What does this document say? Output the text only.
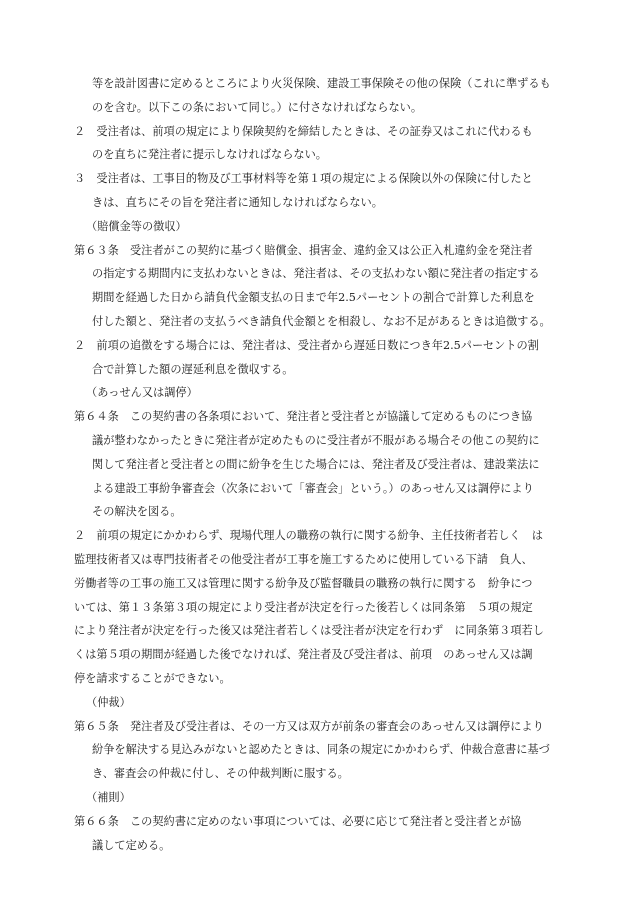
等を設計図書に定めるところにより火災保険、建設工事保険その他の保険（これに準ずるも
のを含む。以下この条において同じ。）に付さなければならない。
２　受注者は、前項の規定により保険契約を締結したときは、その証券又はこれに代わるも
のを直ちに発注者に提示しなければならない。
３　受注者は、工事目的物及び工事材料等を第１項の規定による保険以外の保険に付したと
きは、直ちにその旨を発注者に通知しなければならない。
（賠償金等の徴収）
第６３条　受注者がこの契約に基づく賠償金、損害金、違約金又は公正入札違約金を発注者
の指定する期間内に支払わないときは、発注者は、その支払わない額に発注者の指定する
期間を経過した日から請負代金額支払の日まで年2.5パーセントの割合で計算した利息を
付した額と、発注者の支払うべき請負代金額とを相殺し、なお不足があるときは追徴する。
２　前項の追徴をする場合には、発注者は、受注者から遅延日数につき年2.5パーセントの割
合で計算した額の遅延利息を徴収する。
（あっせん又は調停）
第６４条　この契約書の各条項において、発注者と受注者とが協議して定めるものにつき協
議が整わなかったときに発注者が定めたものに受注者が不服がある場合その他この契約に
関して発注者と受注者との間に紛争を生じた場合には、発注者及び受注者は、建設業法に
よる建設工事紛争審査会（次条において「審査会」という。）のあっせん又は調停により
その解決を図る。
２　前項の規定にかかわらず、現場代理人の職務の執行に関する紛争、主任技術者若しく　は
監理技術者又は専門技術者その他受注者が工事を施工するために使用している下請　負人、
労働者等の工事の施工又は管理に関する紛争及び監督職員の職務の執行に関する　紛争につ
いては、第１３条第３項の規定により受注者が決定を行った後若しくは同条第　５項の規定
により発注者が決定を行った後又は発注者若しくは受注者が決定を行わず　に同条第３項若し
くは第５項の期間が経過した後でなければ、発注者及び受注者は、前項　のあっせん又は調
停を請求することができない。
（仲裁）
第６５条　発注者及び受注者は、その一方又は双方が前条の審査会のあっせん又は調停により
紛争を解決する見込みがないと認めたときは、同条の規定にかかわらず、仲裁合意書に基づ
き、審査会の仲裁に付し、その仲裁判断に服する。
（補則）
第６６条　この契約書に定めのない事項については、必要に応じて発注者と受注者とが協
議して定める。
